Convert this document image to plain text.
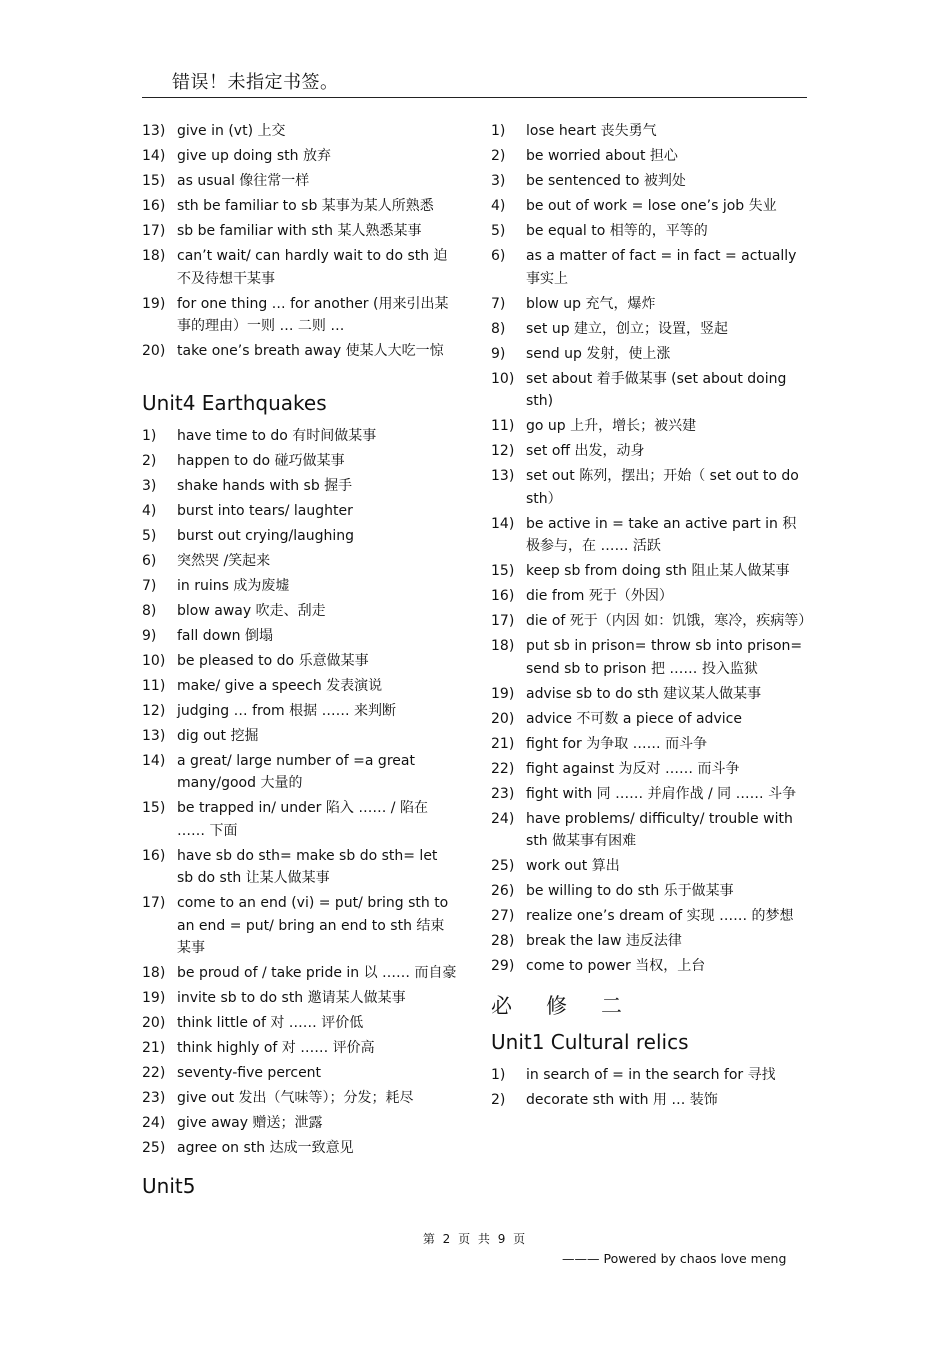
错误！未指定书签。
13) give in (vt) 上交
14) give up doing sth 放弃
15) as usual 像往常一样
16) sth be familiar to sb 某事为某人所熟悉
17) sb be familiar with sth 某人熟悉某事
18) can’t wait/ can hardly wait to do sth 迫不及待想干某事
19) for one thing … for another (用来引出某事的理由）一则 … 二则 …
20) take one’s breath away 使某人大吃一惊
Unit4 Earthquakes
1) have time to do 有时间做某事
2) happen to do 碰巧做某事
3) shake hands with sb 握手
4) burst into tears/ laughter
5) burst out crying/laughing
6) 突然哭 /笑起来
7) in ruins 成为废墟
8) blow away 吹走、刮走
9) fall down 倒塌
10) be pleased to do 乐意做某事
11) make/ give a speech 发表演说
12) judging … from 根据 …… 来判断
13) dig out 挖掘
14) a great/ large number of =a great many/good 大量的
15) be trapped in/ under 陷入 …… / 陷在 …… 下面
16) have sb do sth= make sb do sth= let sb do sth 让某人做某事
17) come to an end (vi) = put/ bring sth to an end = put/ bring an end to sth 结束某事
18) be proud of / take pride in 以 …… 而自豪
19) invite sb to do sth 邀请某人做某事
20) think little of 对 …… 评价低
21) think highly of 对 …… 评价高
22) seventy-five percent
23) give out 发出（气味等）；分发；耗尽
24) give away 赠送；泄露
25) agree on sth 达成一致意见
Unit5
1) lose heart 丧失勇气
2) be worried about 担心
3) be sentenced to 被判处
4) be out of work = lose one’s job 失业
5) be equal to 相等的，平等的
6) as a matter of fact = in fact = actually 事实上
7) blow up 充气，爆炸
8) set up 建立，创立；设置，竖起
9) send up 发射，使上涨
10) set about 着手做某事 (set about doing sth)
11) go up 上升，增长；被兴建
12) set off 出发，动身
13) set out 陈列，摆出；开始（ set out to do sth）
14) be active in = take an active part in 积极参与，在 …… 活跃
15) keep sb from doing sth 阻止某人做某事
16) die from 死于（外因）
17) die of 死于（内因 如：饥饿，寒冷，疾病等）
18) put sb in prison= throw sb into prison= send sb to prison 把 …… 投入监狱
19) advise sb to do sth 建议某人做某事
20) advice 不可数 a piece of advice
21) fight for 为争取 …… 而斗争
22) fight against 为反对 …… 而斗争
23) fight with 同 …… 并肩作战 / 同 …… 斗争
24) have problems/ difficulty/ trouble with sth 做某事有困难
25) work out 算出
26) be willing to do sth 乐于做某事
27) realize one’s dream of 实现 …… 的梦想
28) break the law 违反法律
29) come to power 当权，上台
必修二
Unit1 Cultural relics
1) in search of = in the search for 寻找
2) decorate sth with 用 … 装饰
第 2 页 共 9 页
——— Powered by chaos love meng
